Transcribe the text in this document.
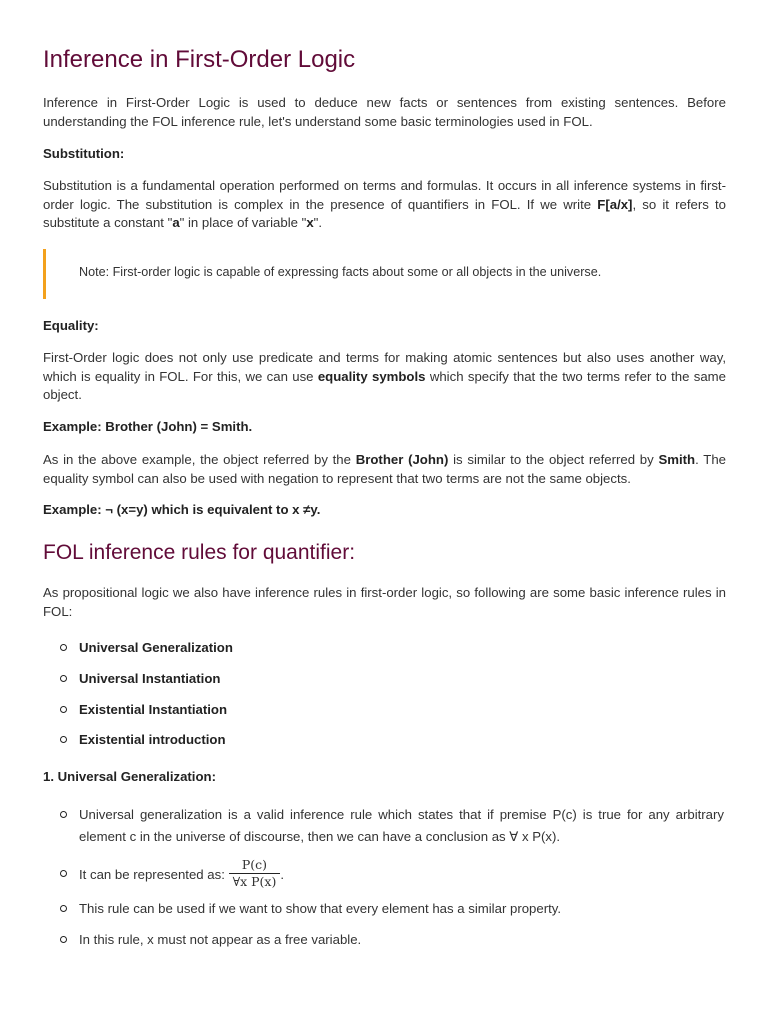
Inference in First-Order Logic

Inference in First-Order Logic is used to deduce new facts or sentences from existing sentences. Before understanding the FOL inference rule, let's understand some basic terminologies used in FOL.

Substitution:

Substitution is a fundamental operation performed on terms and formulas. It occurs in all inference systems in first-order logic. The substitution is complex in the presence of quantifiers in FOL. If we write F[a/x], so it refers to substitute a constant "a" in place of variable "x".

Note: First-order logic is capable of expressing facts about some or all objects in the universe.

Equality:

First-Order logic does not only use predicate and terms for making atomic sentences but also uses another way, which is equality in FOL. For this, we can use equality symbols which specify that the two terms refer to the same object.

Example: Brother (John) = Smith.

As in the above example, the object referred by the Brother (John) is similar to the object referred by Smith. The equality symbol can also be used with negation to represent that two terms are not the same objects.

Example: ¬ (x=y) which is equivalent to x ≠y.

FOL inference rules for quantifier:

As propositional logic we also have inference rules in first-order logic, so following are some basic inference rules in FOL:

Universal Generalization
Universal Instantiation
Existential Instantiation
Existential introduction

1. Universal Generalization:

Universal generalization is a valid inference rule which states that if premise P(c) is true for any arbitrary element c in the universe of discourse, then we can have a conclusion as ∀ x P(x).
It can be represented as: $\frac{P(c)}{\text{∀x P(x)}}$ .
This rule can be used if we want to show that every element has a similar property.
In this rule, x must not appear as a free variable.
